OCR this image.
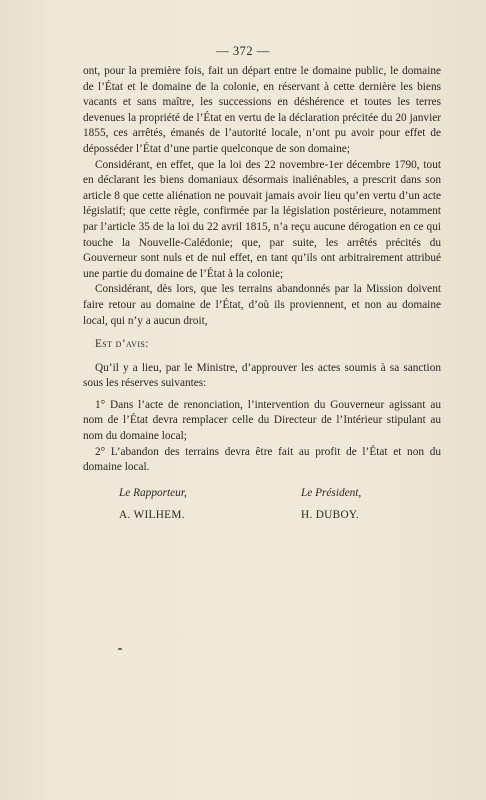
— 372 —

ont, pour la première fois, fait un départ entre le domaine public, le domaine de l’État et le domaine de la colonie, en réservant à cette dernière les biens vacants et sans maître, les successions en déshérence et toutes les terres devenues la propriété de l’État en vertu de la déclaration précitée du 20 janvier 1855, ces arrêtés, émanés de l’autorité locale, n’ont pu avoir pour effet de déposséder l’État d’une partie quelconque de son domaine;

Considérant, en effet, que la loi des 22 novembre-1er décembre 1790, tout en déclarant les biens domaniaux désormais inaliénables, a prescrit dans son article 8 que cette aliénation ne pouvait jamais avoir lieu qu’en vertu d’un acte législatif; que cette règle, confirmée par la législation postérieure, notamment par l’article 35 de la loi du 22 avril 1815, n’a reçu aucune dérogation en ce qui touche la Nouvelle-Calédonie; que, par suite, les arrêtés précités du Gouverneur sont nuls et de nul effet, en tant qu’ils ont arbitrairement attribué une partie du domaine de l’État à la colonie;

Considérant, dès lors, que les terrains abandonnés par la Mission doivent faire retour au domaine de l’État, d’où ils proviennent, et non au domaine local, qui n’y a aucun droit,

Est d’avis:

Qu’il y a lieu, par le Ministre, d’approuver les actes soumis à sa sanction sous les réserves suivantes:

1° Dans l’acte de renonciation, l’intervention du Gouverneur agissant au nom de l’État devra remplacer celle du Directeur de l’Intérieur stipulant au nom du domaine local;

2° L’abandon des terrains devra être fait au profit de l’État et non du domaine local.

Le Rapporteur,	Le Président,
A. WILHEM.	H. DUBOY.
